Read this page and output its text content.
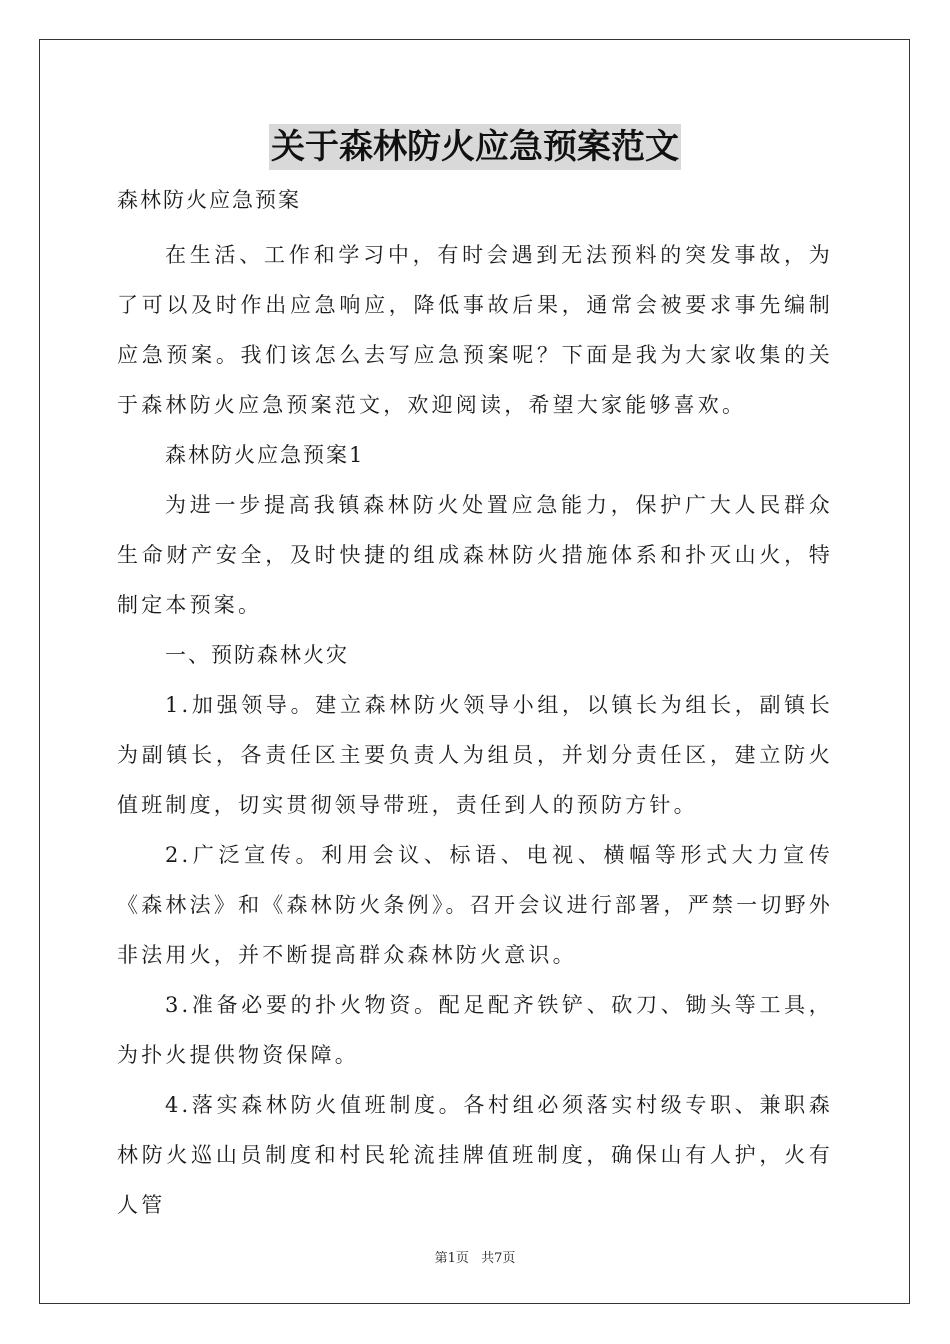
关于森林防火应急预案范文

森林防火应急预案

在生活、工作和学习中，有时会遇到无法预料的突发事故，为了可以及时作出应急响应，降低事故后果，通常会被要求事先编制应急预案。我们该怎么去写应急预案呢？下面是我为大家收集的关于森林防火应急预案范文，欢迎阅读，希望大家能够喜欢。

森林防火应急预案1

为进一步提高我镇森林防火处置应急能力，保护广大人民群众生命财产安全，及时快捷的组成森林防火措施体系和扑灭山火，特制定本预案。

一、预防森林火灾

1.加强领导。建立森林防火领导小组，以镇长为组长，副镇长为副镇长，各责任区主要负责人为组员，并划分责任区，建立防火值班制度，切实贯彻领导带班，责任到人的预防方针。

2.广泛宣传。利用会议、标语、电视、横幅等形式大力宣传《森林法》和《森林防火条例》。召开会议进行部署，严禁一切野外非法用火，并不断提高群众森林防火意识。

3.准备必要的扑火物资。配足配齐铁铲、砍刀、锄头等工具，为扑火提供物资保障。

4.落实森林防火值班制度。各村组必须落实村级专职、兼职森林防火巡山员制度和村民轮流挂牌值班制度，确保山有人护，火有人管

第1页 共7页
